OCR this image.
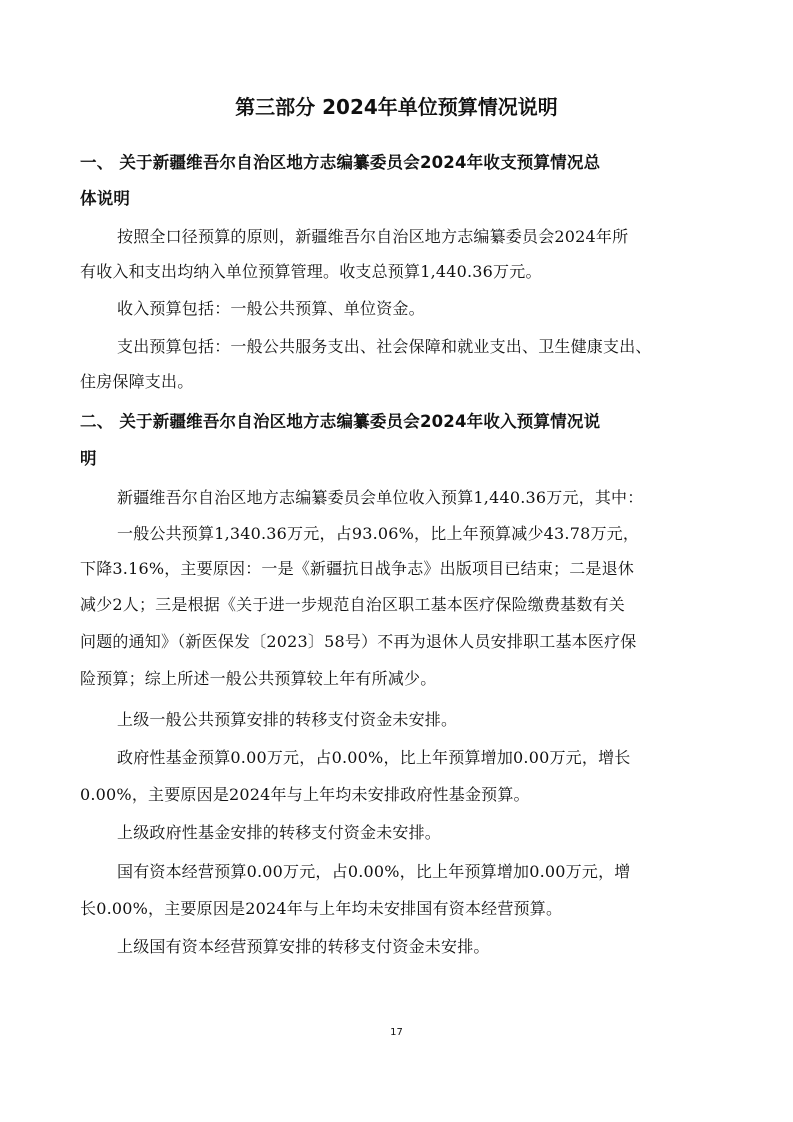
第三部分 2024年单位预算情况说明
一、 关于新疆维吾尔自治区地方志编纂委员会2024年收支预算情况总
体说明
按照全口径预算的原则，新疆维吾尔自治区地方志编纂委员会2024年所
有收入和支出均纳入单位预算管理。收支总预算1,440.36万元。
收入预算包括：一般公共预算、单位资金。
支出预算包括：一般公共服务支出、社会保障和就业支出、卫生健康支出、
住房保障支出。
二、 关于新疆维吾尔自治区地方志编纂委员会2024年收入预算情况说
明
新疆维吾尔自治区地方志编纂委员会单位收入预算1,440.36万元，其中：
一般公共预算1,340.36万元，占93.06%，比上年预算减少43.78万元，
下降3.16%，主要原因：一是《新疆抗日战争志》出版项目已结束；二是退休
减少2人；三是根据《关于进一步规范自治区职工基本医疗保险缴费基数有关
问题的通知》（新医保发〔2023〕58号）不再为退休人员安排职工基本医疗保
险预算；综上所述一般公共预算较上年有所减少。
上级一般公共预算安排的转移支付资金未安排。
政府性基金预算0.00万元，占0.00%，比上年预算增加0.00万元，增长
0.00%，主要原因是2024年与上年均未安排政府性基金预算。
上级政府性基金安排的转移支付资金未安排。
国有资本经营预算0.00万元，占0.00%，比上年预算增加0.00万元，增
长0.00%，主要原因是2024年与上年均未安排国有资本经营预算。
上级国有资本经营预算安排的转移支付资金未安排。
17
